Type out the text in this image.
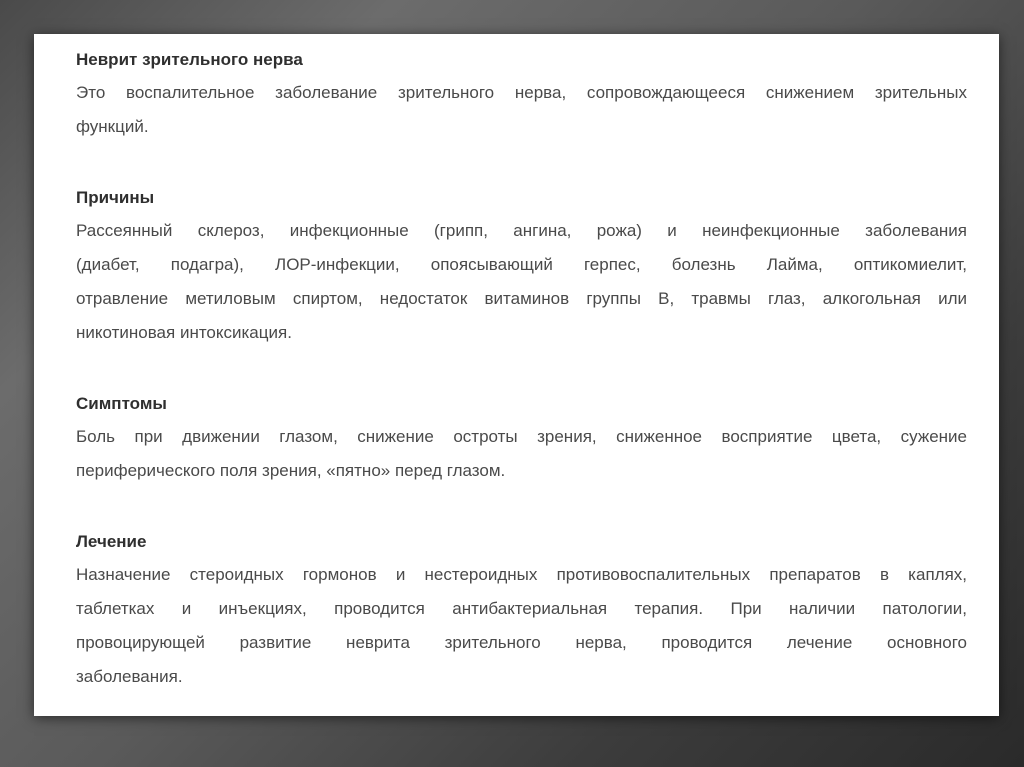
Неврит зрительного нерва

Это воспалительное заболевание зрительного нерва, сопровождающееся снижением зрительных
функций.

Причины

Рассеянный склероз, инфекционные (грипп, ангина, рожа) и неинфекционные заболевания
(диабет, подагра), ЛОР-инфекции, опоясывающий герпес, болезнь Лайма, оптикомиелит,
отравление метиловым спиртом, недостаток витаминов группы В, травмы глаз, алкогольная или
никотиновая интоксикация.

Симптомы

Боль при движении глазом, снижение остроты зрения, сниженное восприятие цвета, сужение
периферического поля зрения, «пятно» перед глазом.

Лечение

Назначение стероидных гормонов и нестероидных противовоспалительных препаратов в каплях,
таблетках и инъекциях, проводится антибактериальная терапия. При наличии патологии,
провоцирующей развитие неврита зрительного нерва, проводится лечение основного
заболевания.
